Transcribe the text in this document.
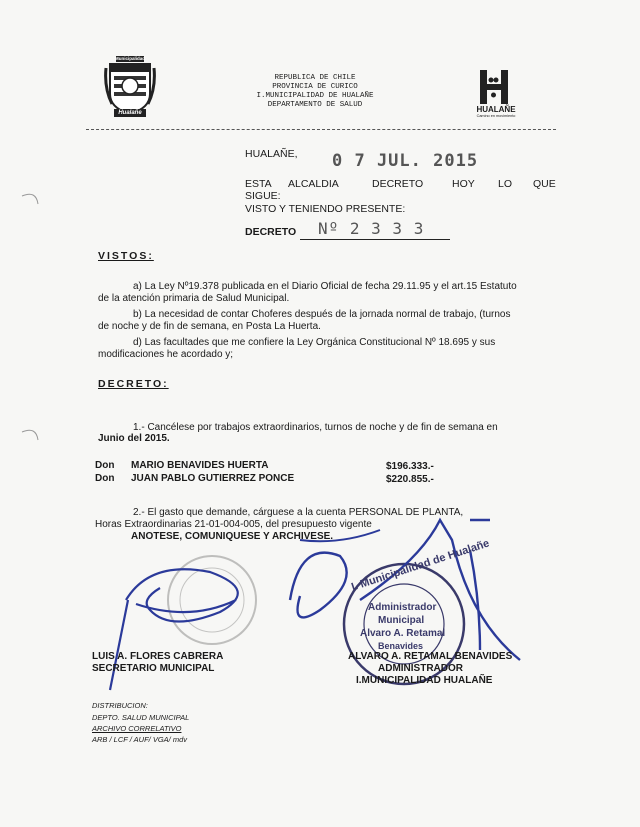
Municipalidad
Hualañe
REPUBLICA DE CHILE
PROVINCIA DE CURICO
I.MUNICIPALIDAD DE HUALAÑE
DEPARTAMENTO DE SALUD	HUALAÑE
Camino en movimiento
HUALAÑE, 0 7 JUL. 2015
ESTA ALCALDIA	DECRETO	HOY LO QUE
SIGUE:
VISTO Y TENIENDO PRESENTE:
DECRETO Nº 2 3 3 3
VISTOS:
a) La Ley Nº19.378 publicada en el Diario Oficial de fecha 29.11.95 y el art.15 Estatuto
de la atención primaria de Salud Municipal.
b) La necesidad de contar Choferes después de la jornada normal de trabajo, (turnos
de noche y de fin de semana, en Posta La Huerta.
d) Las facultades que me confiere la Ley Orgánica Constitucional Nº 18.695 y sus
modificaciones he acordado y;
DECRETO:
1.- Cancélese por trabajos extraordinarios, turnos de noche y de fin de semana en
Junio del 2015.
Don MARIO BENAVIDES HUERTA	$196.333.-
Don JUAN PABLO GUTIERREZ PONCE	$220.855.-
2.- El gasto que demande, cárguese a la cuenta PERSONAL DE PLANTA,
Horas Extraordinarias 21-01-004-005, del presupuesto vigente
ANOTESE, COMUNIQUESE Y ARCHIVESE.
I. Municipalidad de Hualañe
Administrador
Municipal
Alvaro A. Retamal
Benavides
LUIS A. FLORES CABRERA
SECRETARIO MUNICIPAL
ALVARO A. RETAMAL BENAVIDES
ADMINISTRADOR
I.MUNICIPALIDAD HUALAÑE
DISTRIBUCION:
DEPTO. SALUD MUNICIPAL
ARCHIVO CORRELATIVO
ARB / LCF / AUF/ VGA/ mdv
